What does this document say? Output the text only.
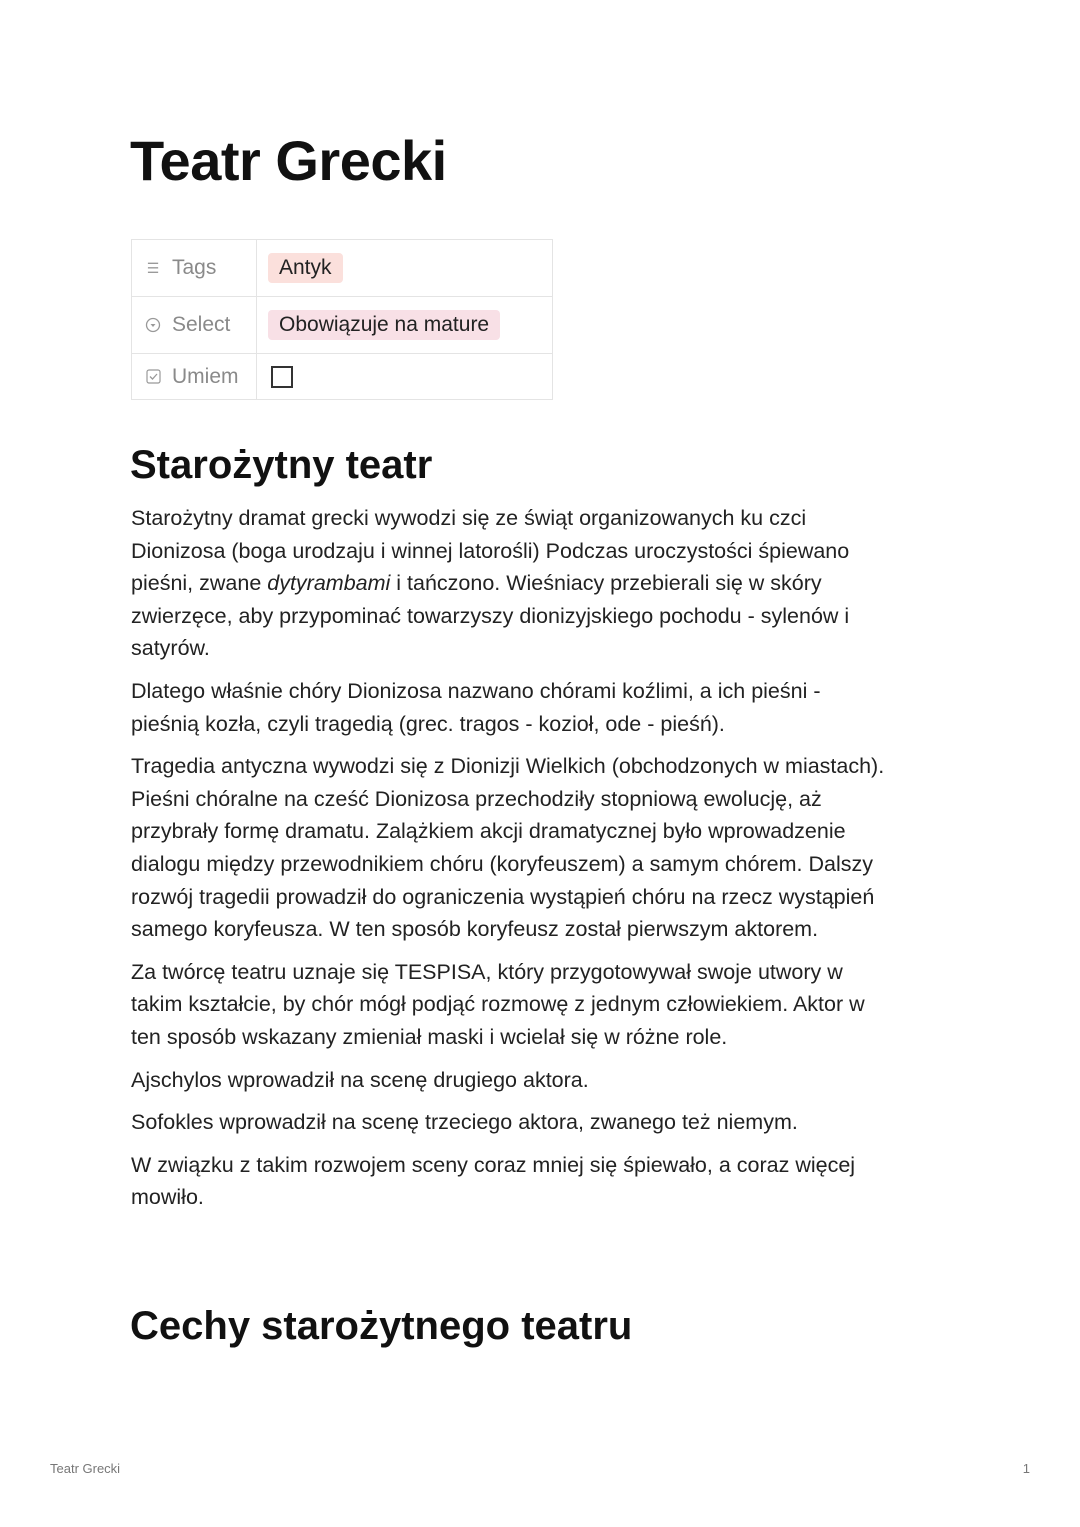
Teatr Grecki
☰ Tags	Antyk

Select	Obowiązuje na mature

Umiem	

Starożytny teatr

Starożytny dramat grecki wywodzi się ze świąt organizowanych ku czci
Dionizosa (boga urodzaju i winnej latorośli) Podczas uroczystości śpiewano
pieśni, zwane dytyrambami i tańczono. Wieśniacy przebierali się w skóry
zwierzęce, aby przypominać towarzyszy dionizyjskiego pochodu - sylenów i
satyrów.

Dlatego właśnie chóry Dionizosa nazwano chórami koźlimi, a ich pieśni -
pieśnią kozła, czyli tragedią (grec. tragos - kozioł, ode - pieśń).

Tragedia antyczna wywodzi się z Dionizji Wielkich (obchodzonych w miastach).
Pieśni chóralne na cześć Dionizosa przechodziły stopniową ewolucję, aż
przybrały formę dramatu. Zalążkiem akcji dramatycznej było wprowadzenie
dialogu między przewodnikiem chóru (koryfeuszem) a samym chórem. Dalszy
rozwój tragedii prowadził do ograniczenia wystąpień chóru na rzecz wystąpień
samego koryfeusza. W ten sposób koryfeusz został pierwszym aktorem.

Za twórcę teatru uznaje się TESPISA, który przygotowywał swoje utwory w
takim kształcie, by chór mógł podjąć rozmowę z jednym człowiekiem. Aktor w
ten sposób wskazany zmieniał maski i wcielał się w różne role.

Ajschylos wprowadził na scenę drugiego aktora.

Sofokles wprowadził na scenę trzeciego aktora, zwanego też niemym.

W związku z takim rozwojem sceny coraz mniej się śpiewało, a coraz więcej
mowiło.

Cechy starożytnego teatru
Teatr Grecki	1
